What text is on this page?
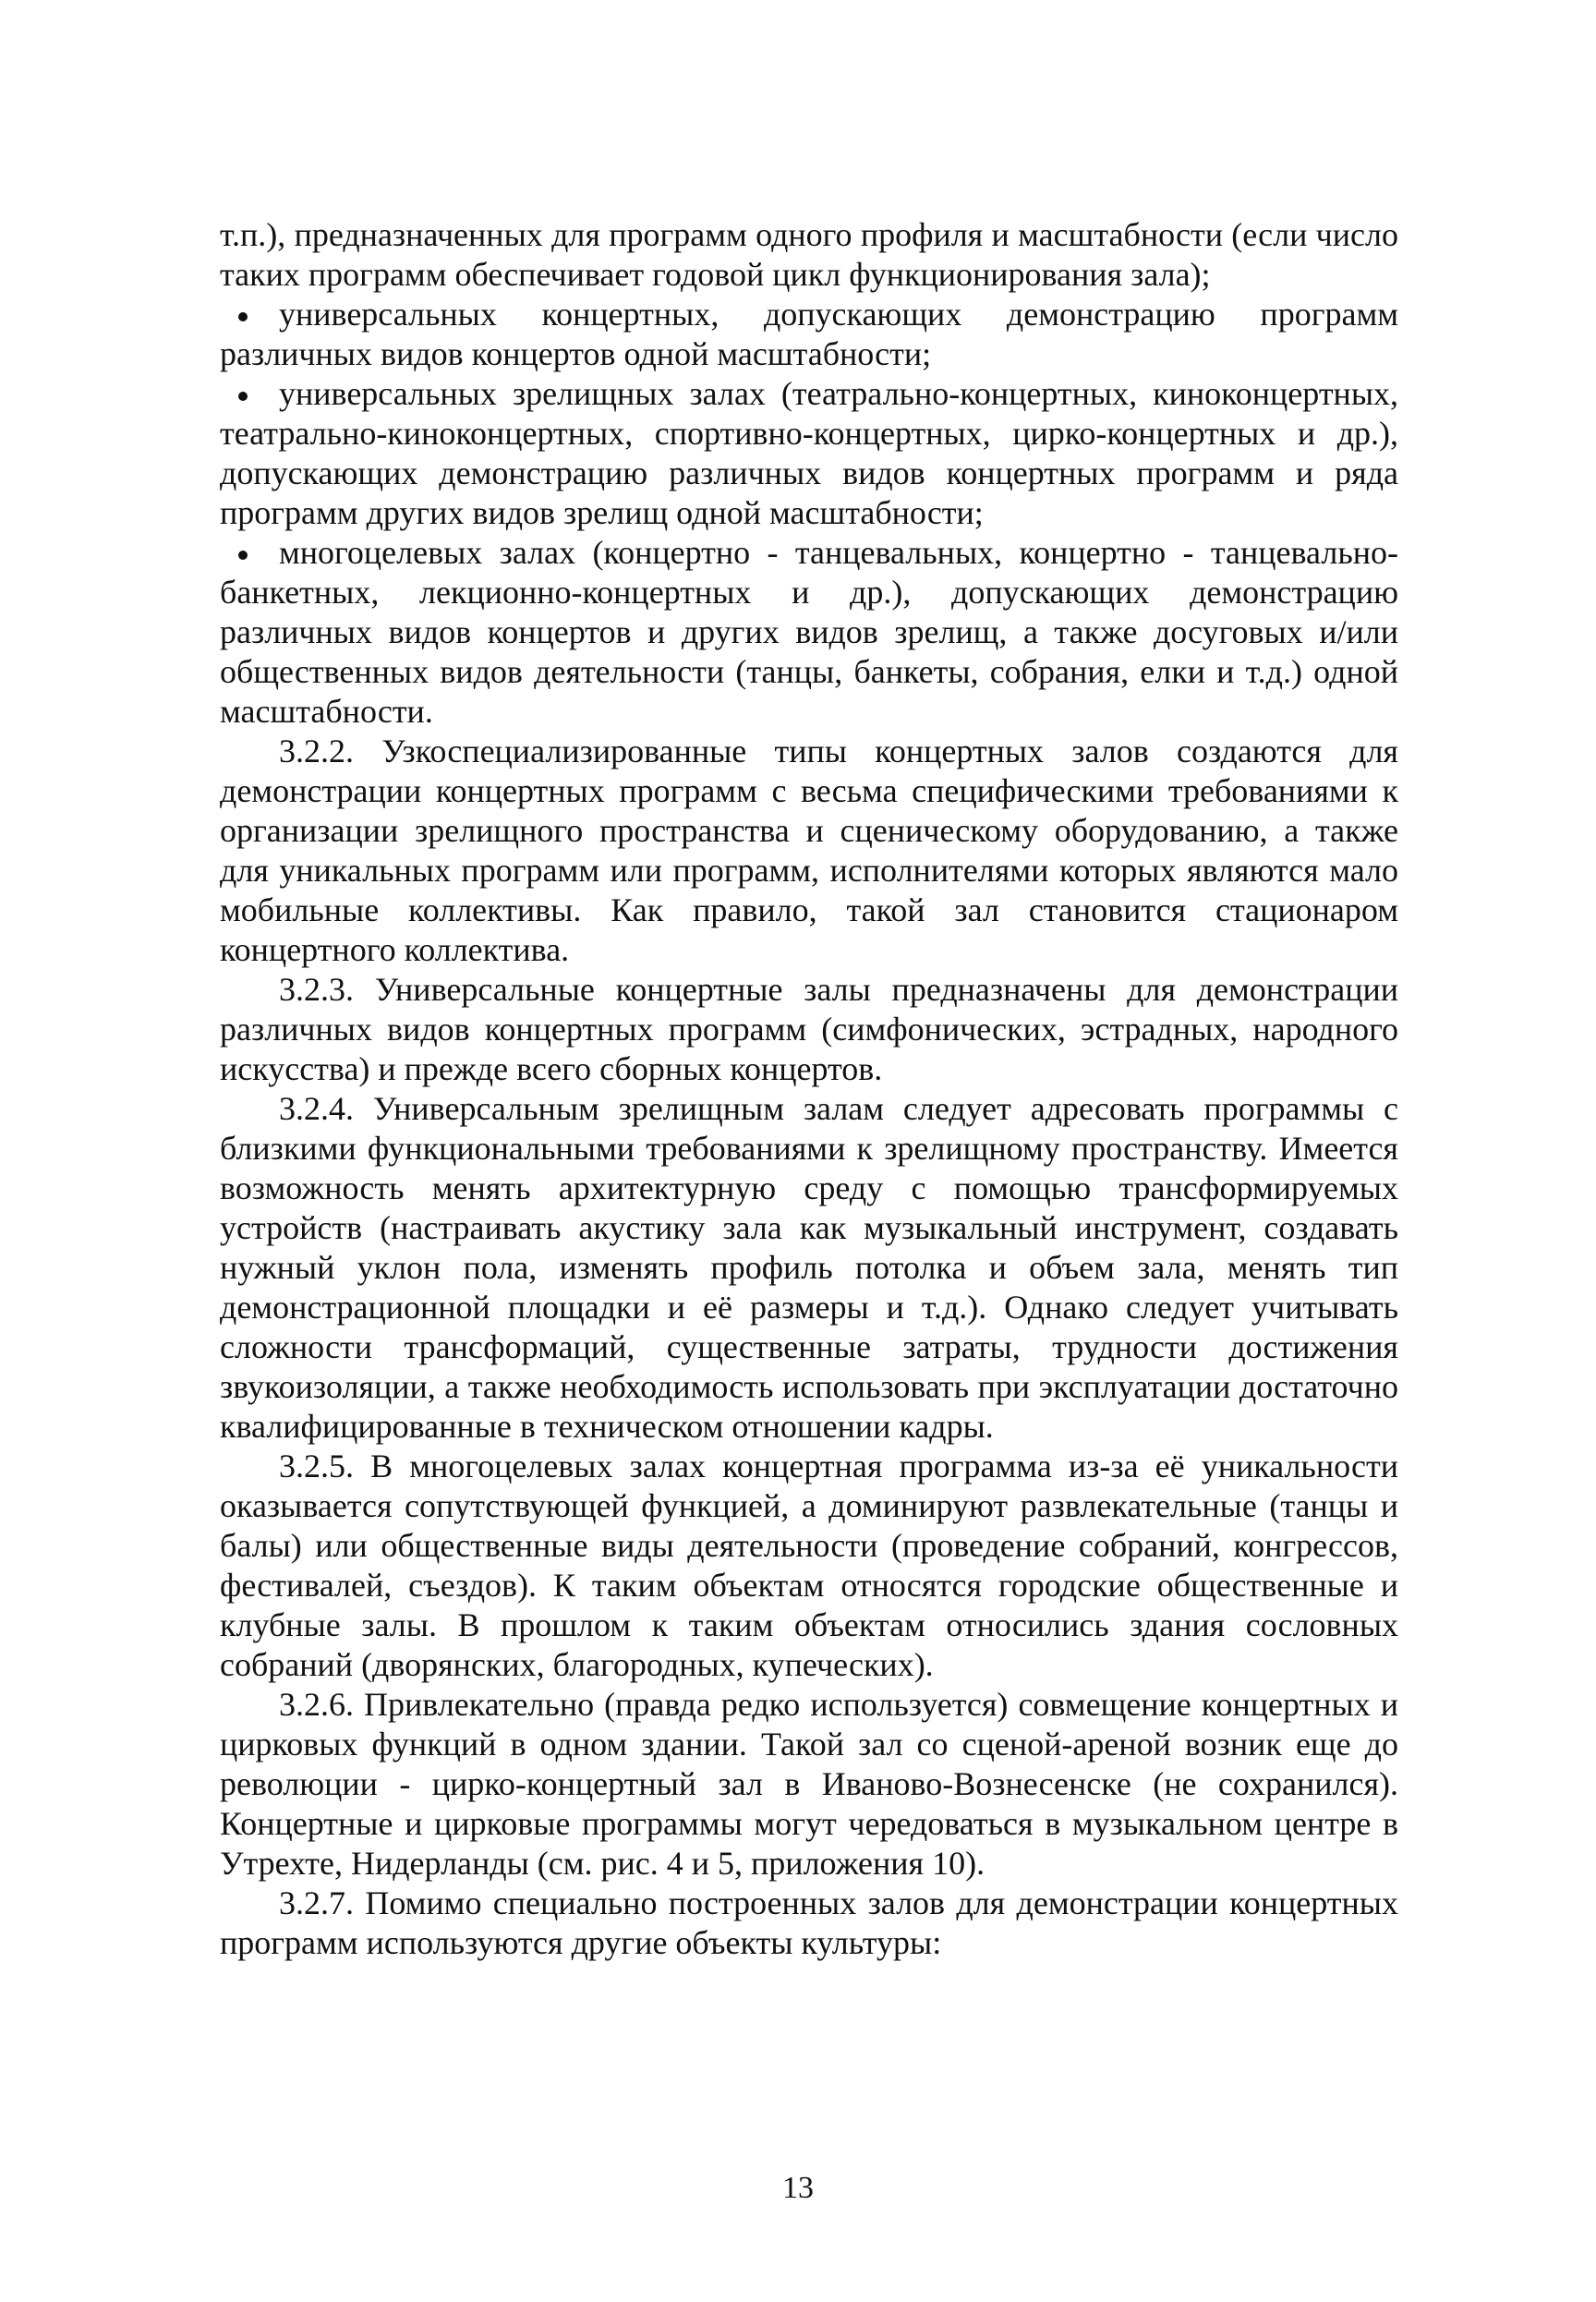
т.п.), предназначенных для программ одного профиля и масштабности (если число таких программ обеспечивает годовой цикл функционирования зала);

универсальных концертных, допускающих демонстрацию программ различных видов концертов одной масштабности;

универсальных зрелищных залах (театрально-концертных, киноконцертных, театрально-киноконцертных, спортивно-концертных, цирко-концертных и др.), допускающих демонстрацию различных видов концертных программ и ряда программ других видов зрелищ одной масштабности;

многоцелевых залах (концертно - танцевальных, концертно - танцевально-банкетных, лекционно-концертных и др.), допускающих демонстрацию различных видов концертов и других видов зрелищ, а также досуговых и/или общественных видов деятельности (танцы, банкеты, собрания, елки и т.д.) одной масштабности.

3.2.2. Узкоспециализированные типы концертных залов создаются для демонстрации концертных программ с весьма специфическими требованиями к организации зрелищного пространства и сценическому оборудованию, а также для уникальных программ или программ, исполнителями которых являются мало мобильные коллективы. Как правило, такой зал становится стационаром концертного коллектива.

3.2.3. Универсальные концертные залы предназначены для демонстрации различных видов концертных программ (симфонических, эстрадных, народного искусства) и прежде всего сборных концертов.

3.2.4. Универсальным зрелищным залам следует адресовать программы с близкими функциональными требованиями к зрелищному пространству. Имеется возможность менять архитектурную среду с помощью трансформируемых устройств (настраивать акустику зала как музыкальный инструмент, создавать нужный уклон пола, изменять профиль потолка и объем зала, менять тип демонстрационной площадки и её размеры и т.д.). Однако следует учитывать сложности трансформаций, существенные затраты, трудности достижения звукоизоляции, а также необходимость использовать при эксплуатации достаточно квалифицированные в техническом отношении кадры.

3.2.5. В многоцелевых залах концертная программа из-за её уникальности оказывается сопутствующей функцией, а доминируют развлекательные (танцы и балы) или общественные виды деятельности (проведение собраний, конгрессов, фестивалей, съездов). К таким объектам относятся городские общественные и клубные залы. В прошлом к таким объектам относились здания сословных собраний (дворянских, благородных, купеческих).

3.2.6. Привлекательно (правда редко используется) совмещение концертных и цирковых функций в одном здании. Такой зал со сценой-ареной возник еще до революции - цирко-концертный зал в Иваново-Вознесенске (не сохранился). Концертные и цирковые программы могут чередоваться в музыкальном центре в Утрехте, Нидерланды (см. рис. 4 и 5, приложения 10).

3.2.7. Помимо специально построенных залов для демонстрации концертных программ используются другие объекты культуры:

13
